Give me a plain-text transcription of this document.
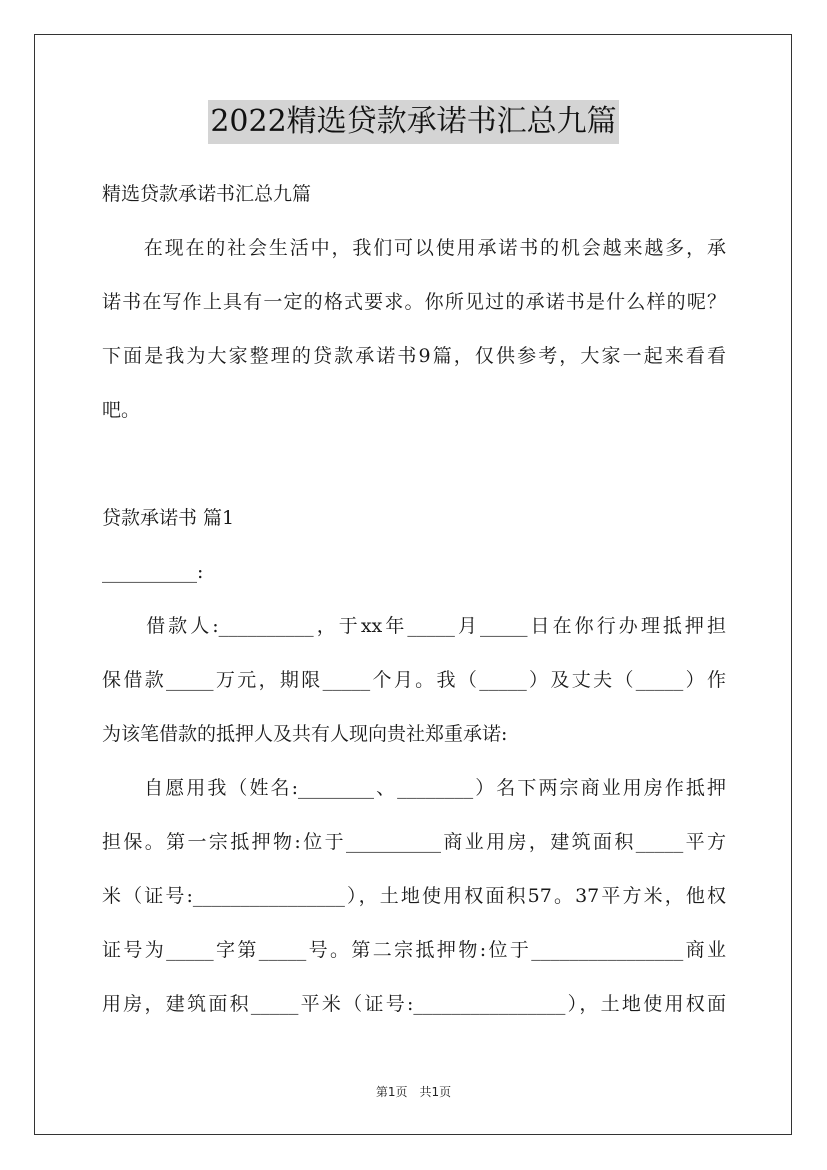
2022精选贷款承诺书汇总九篇
精选贷款承诺书汇总九篇
　　在现在的社会生活中，我们可以使用承诺书的机会越来越多，承
诺书在写作上具有一定的格式要求。你所见过的承诺书是什么样的呢？
下面是我为大家整理的贷款承诺书9篇，仅供参考，大家一起来看看
吧。
贷款承诺书 篇1
__________:
　　借款人:__________，于xx年_____月_____日在你行办理抵押担
保借款_____万元，期限_____个月。我（_____）及丈夫（_____）作
为该笔借款的抵押人及共有人现向贵社郑重承诺:
　　自愿用我（姓名:________、________）名下两宗商业用房作抵押
担保。第一宗抵押物:位于__________商业用房，建筑面积_____平方
米（证号:________________），土地使用权面积57。37平方米，他权
证号为_____字第_____号。第二宗抵押物:位于________________商业
用房，建筑面积_____平米（证号:________________），土地使用权面
第1页　共1页
